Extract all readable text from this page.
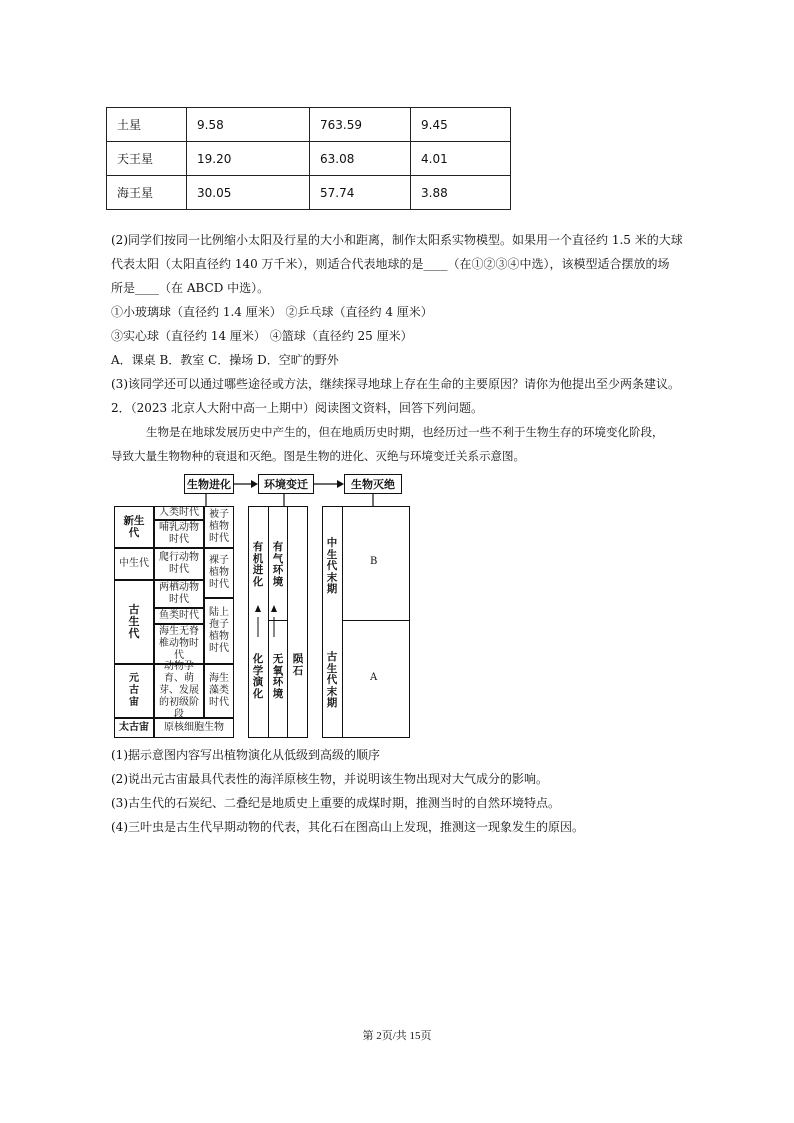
土星	9.58	763.59	9.45
天王星	19.20	63.08	4.01
海王星	30.05	57.74	3.88
(2)同学们按同一比例缩小太阳及行星的大小和距离，制作太阳系实物模型。如果用一个直径约 1.5 米的大球
代表太阳（太阳直径约 140 万千米），则适合代表地球的是____（在①②③④中选），该模型适合摆放的场
所是____（在 ABCD 中选）。
①小玻璃球（直径约 1.4 厘米） ②乒乓球（直径约 4 厘米）
③实心球（直径约 14 厘米） ④篮球（直径约 25 厘米）
A．课桌 B．教室 C．操场 D．空旷的野外
(3)该同学还可以通过哪些途径或方法，继续探寻地球上存在生命的主要原因？请你为他提出至少两条建议。
2．（2023 北京人大附中高一上期中）阅读图文资料，回答下列问题。
生物是在地球发展历史中产生的，但在地质历史时期，也经历过一些不利于生物生存的环境变化阶段，
导致大量生物物种的衰退和灭绝。图是生物的进化、灭绝与环境变迁关系示意图。
生物进化	环境变迁	生物灭绝
新生代
中生代
古生代
元古宙
太古宙
人类时代
哺乳动物时代
爬行动物时代
两栖动物时代
鱼类时代
海生无脊椎动物时代
动物孕育、萌芽、发展的初级阶段
原核细胞生物
被子植物时代
裸子植物时代
陆上孢子植物时代
海生藻类时代
有机进化
有气环境
化学演化
无氧环境
陨石
中生代末期
古生代末期
B
A
(1)据示意图内容写出植物演化从低级到高级的顺序
(2)说出元古宙最具代表性的海洋原核生物，并说明该生物出现对大气成分的影响。
(3)古生代的石炭纪、二叠纪是地质史上重要的成煤时期，推测当时的自然环境特点。
(4)三叶虫是古生代早期动物的代表，其化石在图高山上发现，推测这一现象发生的原因。
第 2页/共 15页
